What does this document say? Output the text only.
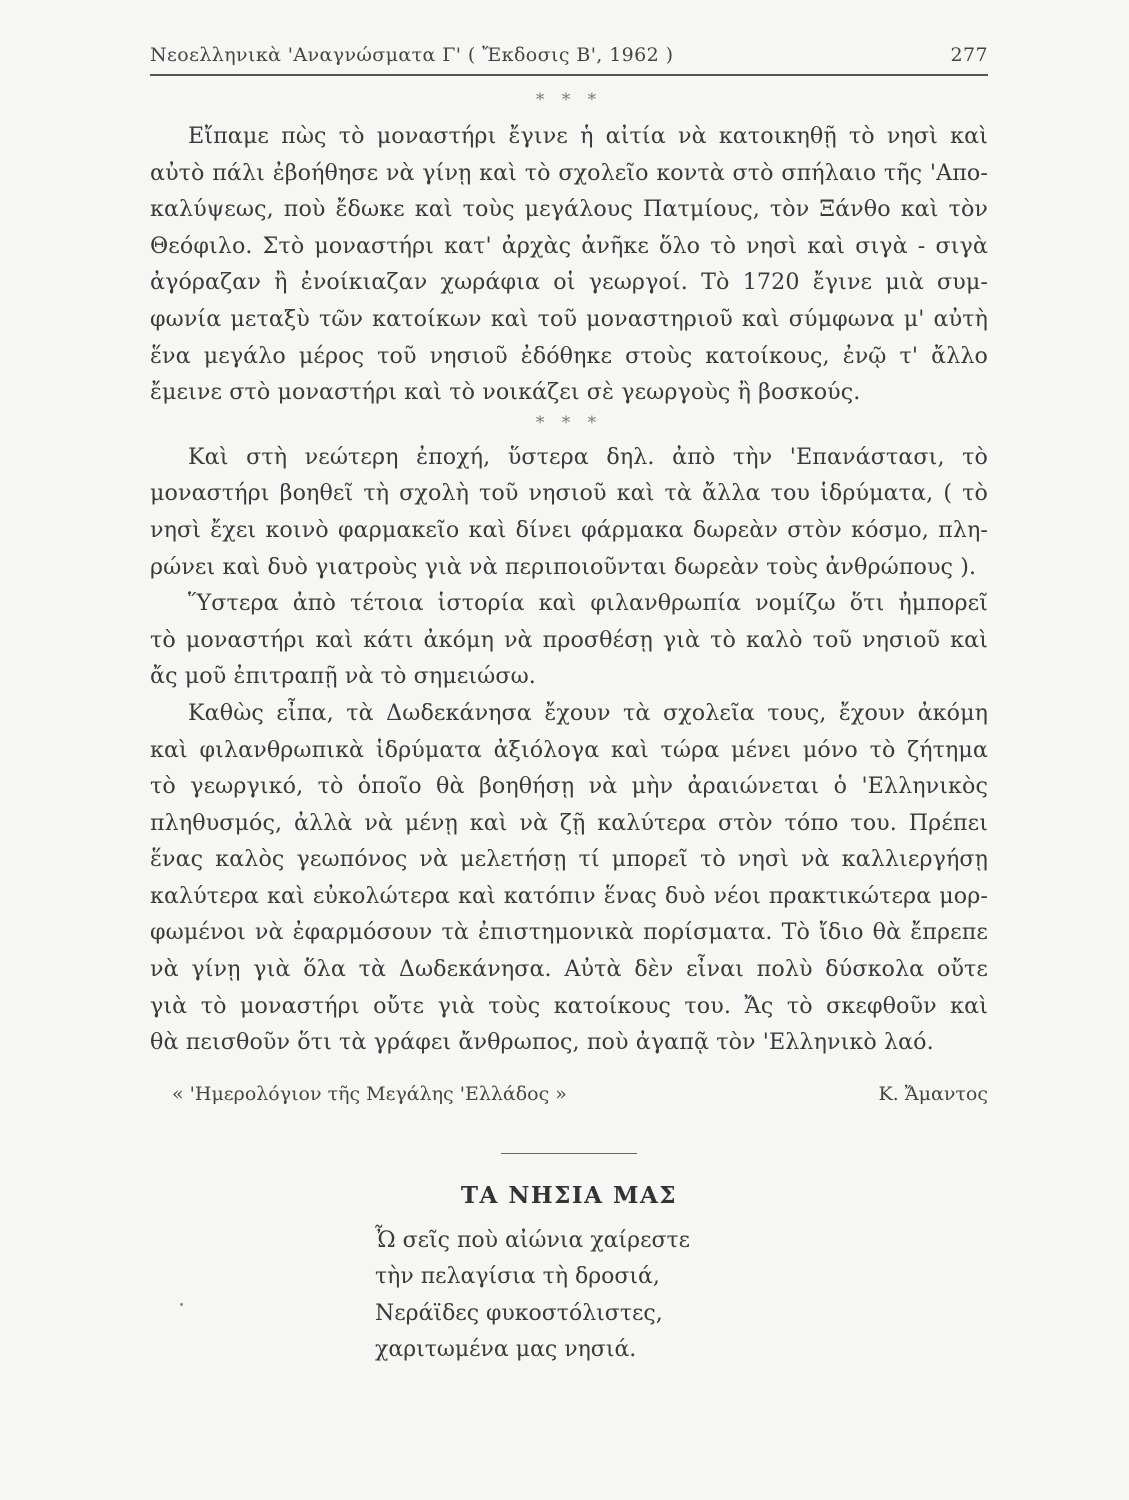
Νεοελληνικὰ 'Αναγνώσματα Γ' ( Ἔκδοσις Β', 1962 )	277
* * *

Εἴπαμε πὼς τὸ μοναστήρι ἔγινε ἡ αἰτία νὰ κατοικηθῇ τὸ νησὶ καὶ
αὐτὸ πάλι ἐβοήθησε νὰ γίνῃ καὶ τὸ σχολεῖο κοντὰ στὸ σπήλαιο τῆς 'Απο-
καλύψεως, ποὺ ἔδωκε καὶ τοὺς μεγάλους Πατμίους, τὸν Ξάνθο καὶ τὸν
Θεόφιλο. Στὸ μοναστήρι κατ' ἀρχὰς ἀνῆκε ὅλο τὸ νησὶ καὶ σιγὰ - σιγὰ
ἀγόραζαν ἢ ἐνοίκιαζαν χωράφια οἱ γεωργοί. Τὸ 1720 ἔγινε μιὰ συμ-
φωνία μεταξὺ τῶν κατοίκων καὶ τοῦ μοναστηριοῦ καὶ σύμφωνα μ' αὐτὴ
ἕνα μεγάλο μέρος τοῦ νησιοῦ ἐδόθηκε στοὺς κατοίκους, ἐνῷ τ' ἄλλο
ἔμεινε στὸ μοναστήρι καὶ τὸ νοικάζει σὲ γεωργοὺς ἢ βοσκούς.

* * *

Καὶ στὴ νεώτερη ἐποχή, ὕστερα δηλ. ἀπὸ τὴν 'Επανάστασι, τὸ
μοναστήρι βοηθεῖ τὴ σχολὴ τοῦ νησιοῦ καὶ τὰ ἄλλα του ἱδρύματα, ( τὸ
νησὶ ἔχει κοινὸ φαρμακεῖο καὶ δίνει φάρμακα δωρεὰν στὸν κόσμο, πλη-
ρώνει καὶ δυὸ γιατροὺς γιὰ νὰ περιποιοῦνται δωρεὰν τοὺς ἀνθρώπους ).

Ὕστερα ἀπὸ τέτοια ἱστορία καὶ φιλανθρωπία νομίζω ὅτι ἠμπορεῖ
τὸ μοναστήρι καὶ κάτι ἀκόμη νὰ προσθέσῃ γιὰ τὸ καλὸ τοῦ νησιοῦ καὶ
ἄς μοῦ ἐπιτραπῇ νὰ τὸ σημειώσω.

Καθὼς εἶπα, τὰ Δωδεκάνησα ἔχουν τὰ σχολεῖα τους, ἔχουν ἀκόμη
καὶ φιλανθρωπικὰ ἱδρύματα ἀξιόλογα καὶ τώρα μένει μόνο τὸ ζήτημα
τὸ γεωργικό, τὸ ὁποῖο θὰ βοηθήσῃ νὰ μὴν ἀραιώνεται ὁ 'Ελληνικὸς
πληθυσμός, ἀλλὰ νὰ μένῃ καὶ νὰ ζῇ καλύτερα στὸν τόπο του. Πρέπει
ἕνας καλὸς γεωπόνος νὰ μελετήσῃ τί μπορεῖ τὸ νησὶ νὰ καλλιεργήσῃ
καλύτερα καὶ εὐκολώτερα καὶ κατόπιν ἕνας δυὸ νέοι πρακτικώτερα μορ-
φωμένοι νὰ ἐφαρμόσουν τὰ ἐπιστημονικὰ πορίσματα. Τὸ ἴδιο θὰ ἔπρεπε
νὰ γίνῃ γιὰ ὅλα τὰ Δωδεκάνησα. Αὐτὰ δὲν εἶναι πολὺ δύσκολα οὔτε
γιὰ τὸ μοναστήρι οὔτε γιὰ τοὺς κατοίκους του. Ἄς τὸ σκεφθοῦν καὶ
θὰ πεισθοῦν ὅτι τὰ γράφει ἄνθρωπος, ποὺ ἀγαπᾷ τὸν 'Ελληνικὸ λαό.

« 'Ημερολόγιον τῆς Μεγάλης 'Ελλάδος »	Κ. Ἄμαντος
ΤΑ ΝΗΣΙΑ ΜΑΣ
Ὦ σεῖς ποὺ αἰώνια χαίρεστε
τὴν πελαγίσια τὴ δροσιά,
Νεράϊδες φυκοστόλιστες,
χαριτωμένα μας νησιά.
